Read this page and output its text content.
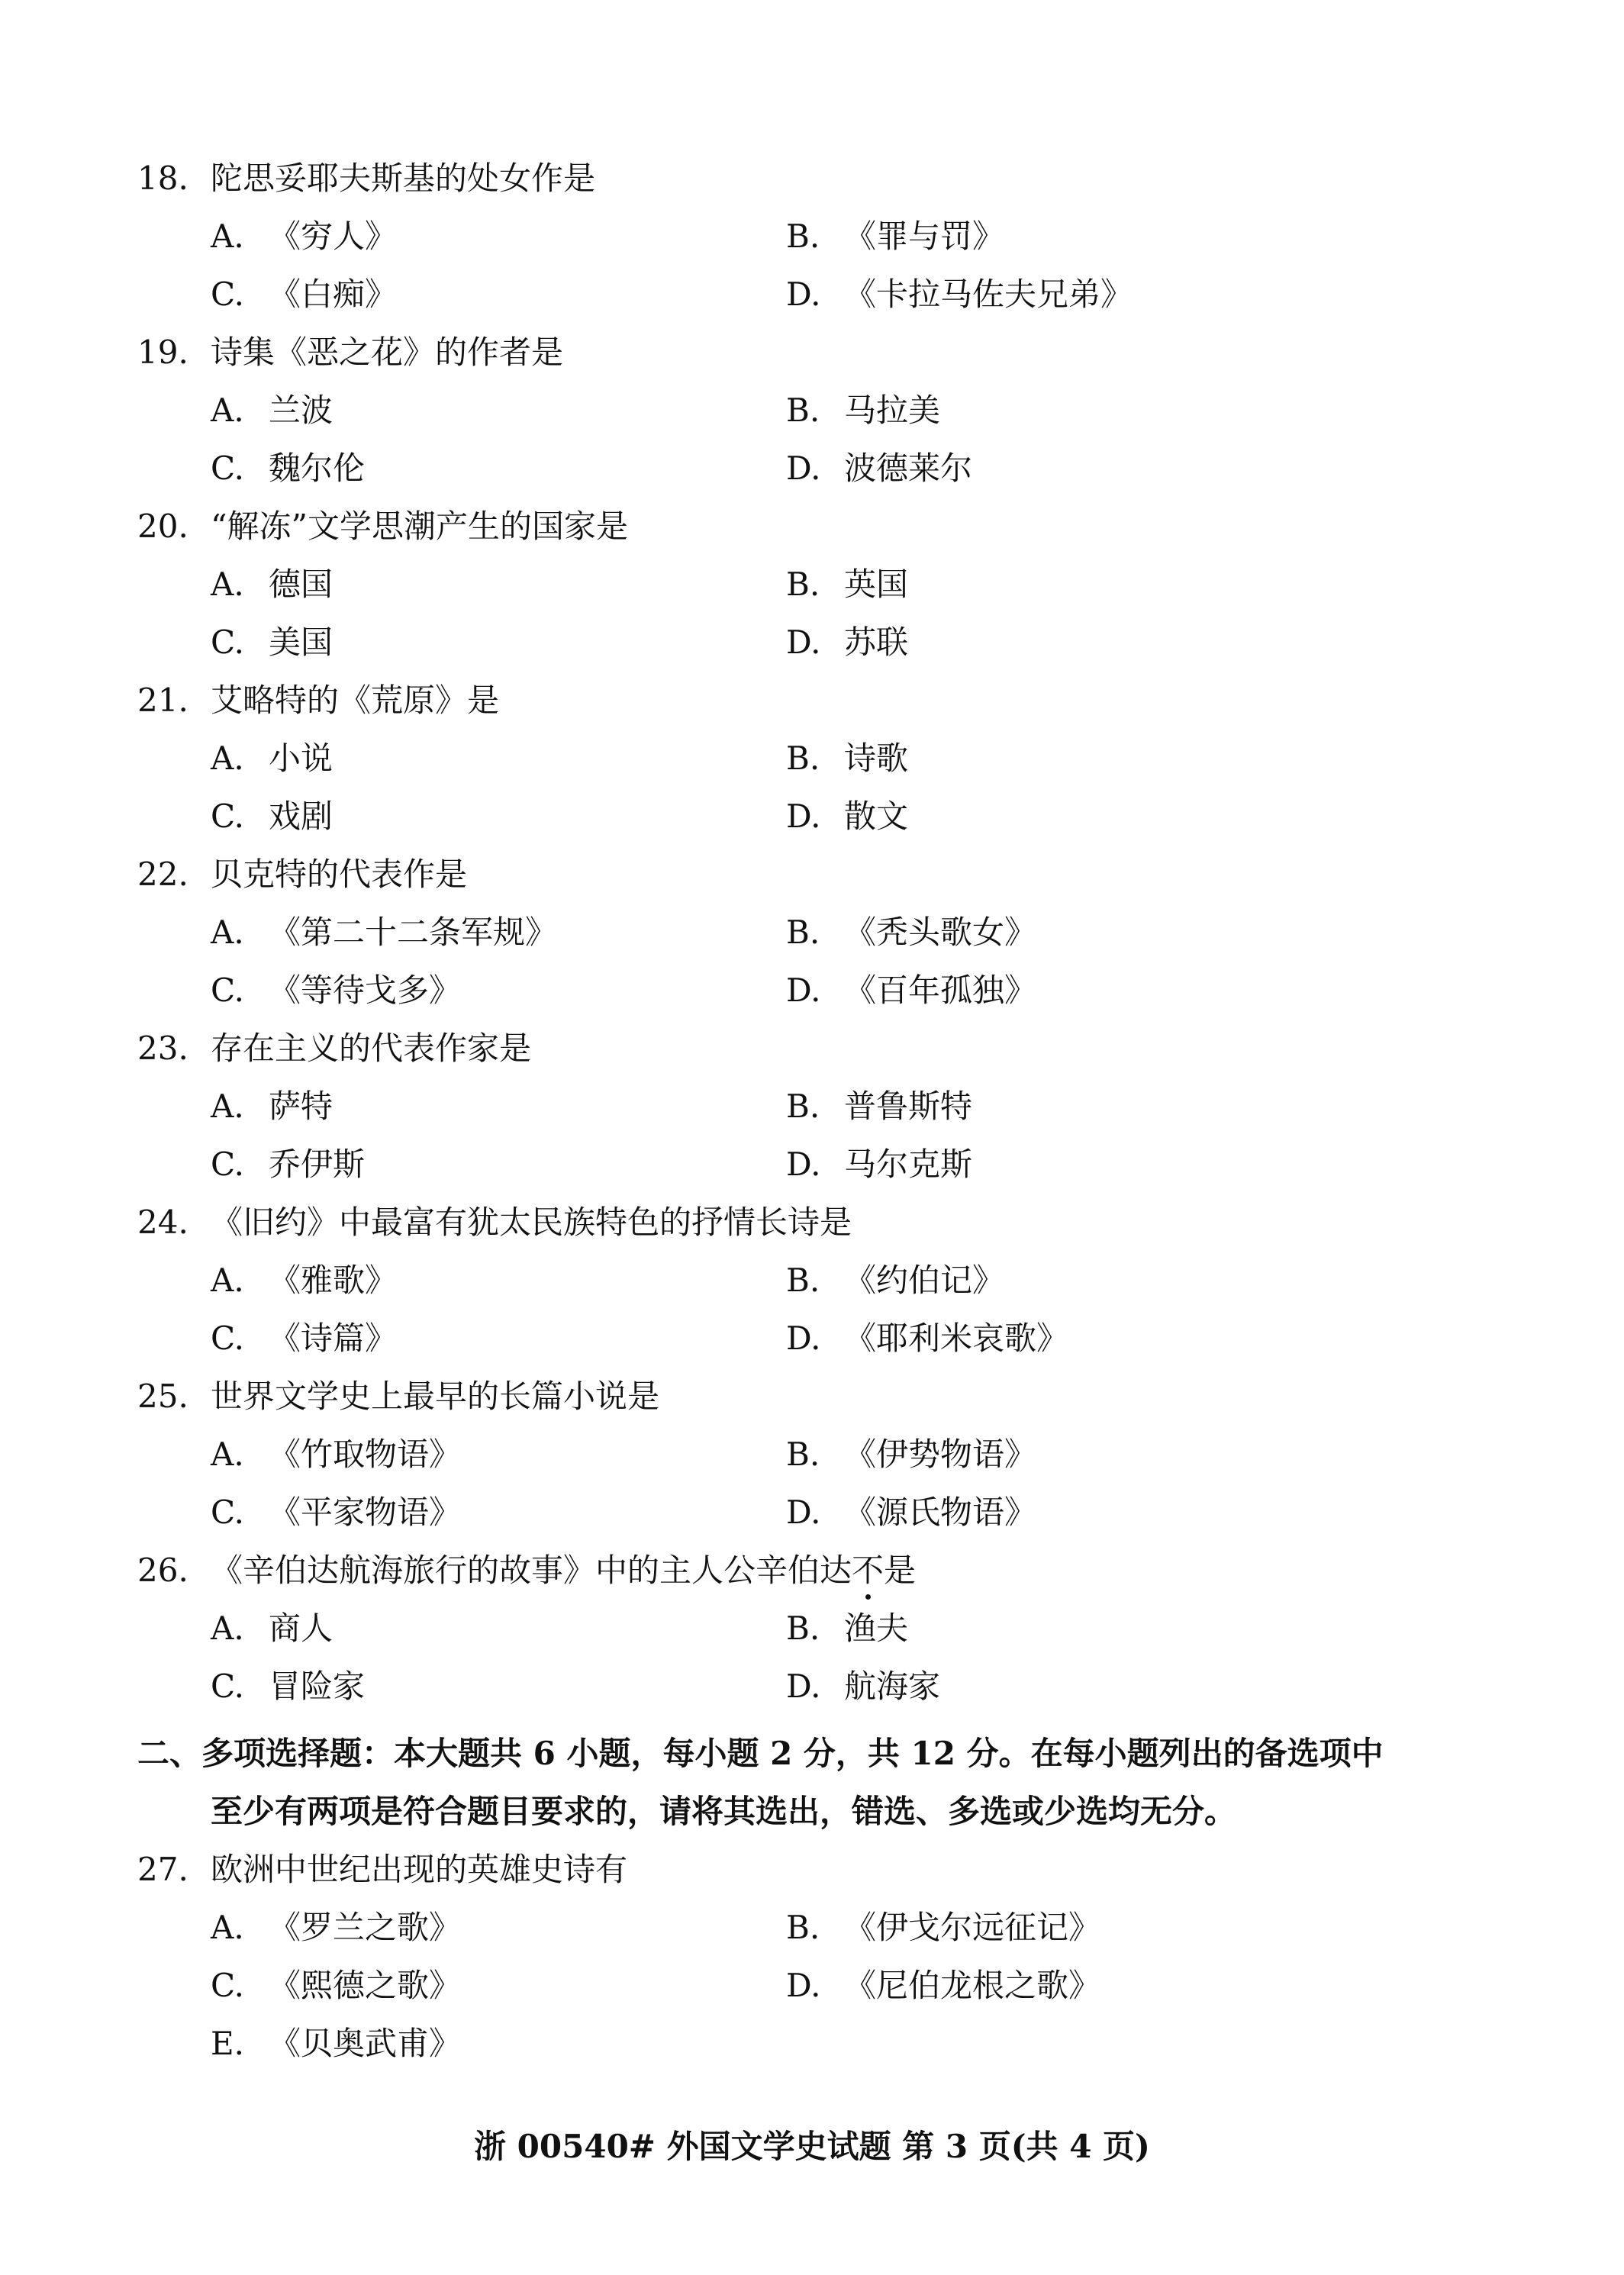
18. 陀思妥耶夫斯基的处女作是
A. 《穷人》	B. 《罪与罚》
C. 《白痴》	D. 《卡拉马佐夫兄弟》
19. 诗集《恶之花》的作者是
A. 兰波	B. 马拉美
C. 魏尔伦	D. 波德莱尔
20. “解冻”文学思潮产生的国家是
A. 德国	B. 英国
C. 美国	D. 苏联
21. 艾略特的《荒原》是
A. 小说	B. 诗歌
C. 戏剧	D. 散文
22. 贝克特的代表作是
A. 《第二十二条军规》	B. 《秃头歌女》
C. 《等待戈多》	D. 《百年孤独》
23. 存在主义的代表作家是
A. 萨特	B. 普鲁斯特
C. 乔伊斯	D. 马尔克斯
24. 《旧约》中最富有犹太民族特色的抒情长诗是
A. 《雅歌》	B. 《约伯记》
C. 《诗篇》	D. 《耶利米哀歌》
25. 世界文学史上最早的长篇小说是
A. 《竹取物语》	B. 《伊势物语》
C. 《平家物语》	D. 《源氏物语》
26. 《辛伯达航海旅行的故事》中的主人公辛伯达不是
A. 商人	B. 渔夫
C. 冒险家	D. 航海家
二、多项选择题：本大题共 6 小题，每小题 2 分，共 12 分。在每小题列出的备选项中
至少有两项是符合题目要求的，请将其选出，错选、多选或少选均无分。
27. 欧洲中世纪出现的英雄史诗有
A. 《罗兰之歌》	B. 《伊戈尔远征记》
C. 《熙德之歌》	D. 《尼伯龙根之歌》
E. 《贝奥武甫》
浙 00540# 外国文学史试题 第 3 页(共 4 页)
